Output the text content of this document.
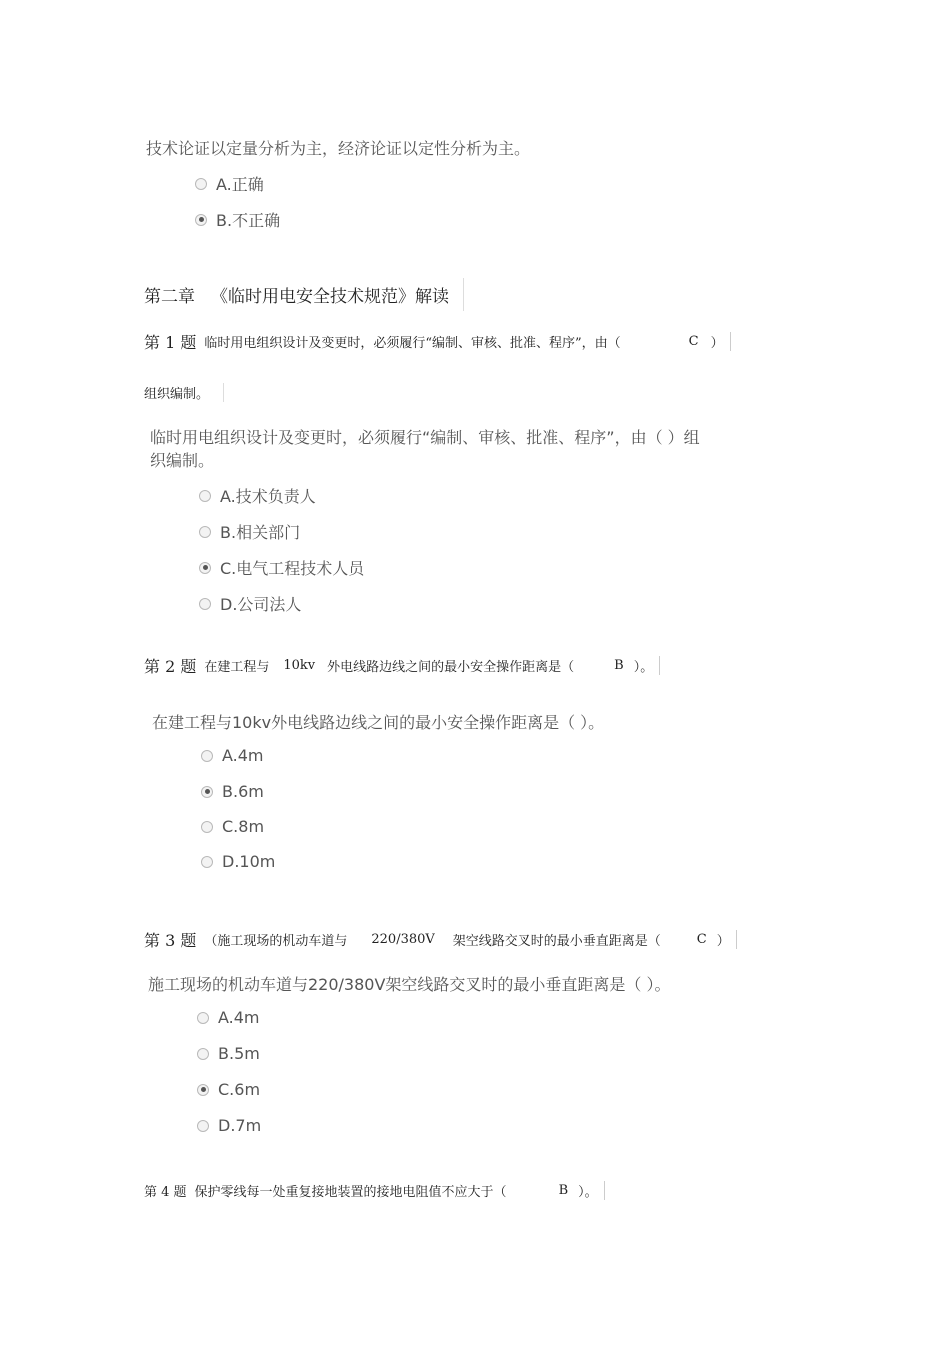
技术论证以定量分析为主，经济论证以定性分析为主。
A.正确
B.不正确
第二章 《临时用电安全技术规范》解读
第 1 题 临时用电组织设计及变更时，必须履行“编制、审核、批准、程序”，由（	C ）
组织编制。
临时用电组织设计及变更时，必须履行“编制、审核、批准、程序”，由（ ）组
织编制。
A.技术负责人
B.相关部门
C.电气工程技术人员
D.公司法人
第 2 题 在建工程与 10kv 外电线路边线之间的最小安全操作距离是（	B ）。
在建工程与10kv外电线路边线之间的最小安全操作距离是（ ）。
A.4m
B.6m
C.8m
D.10m
第 3 题 （施工现场的机动车道与 220/380V 架空线路交叉时的最小垂直距离是（	C ）
施工现场的机动车道与220/380V架空线路交叉时的最小垂直距离是（ ）。
A.4m
B.5m
C.6m
D.7m
第 4 题 保护零线每一处重复接地装置的接地电阻值不应大于（	B ）。
